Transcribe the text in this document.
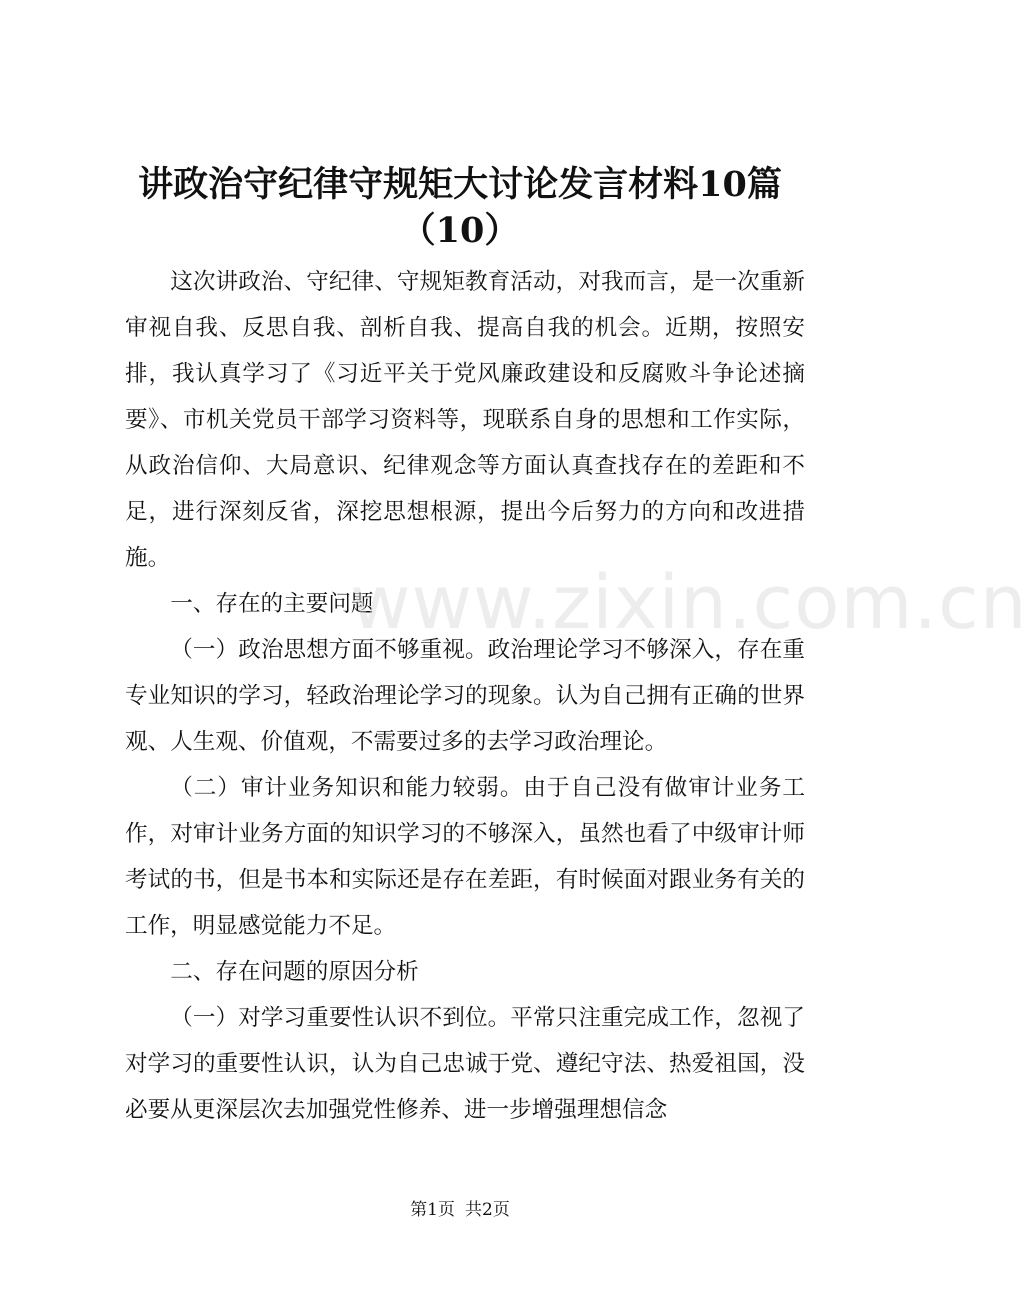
讲政治守纪律守规矩大讨论发言材料10篇
（10）

这次讲政治、守纪律、守规矩教育活动，对我而言，是一次重新审视自我、反思自我、剖析自我、提高自我的机会。近期，按照安排，我认真学习了《习近平关于党风廉政建设和反腐败斗争论述摘要》、市机关党员干部学习资料等，现联系自身的思想和工作实际，从政治信仰、大局意识、纪律观念等方面认真查找存在的差距和不足，进行深刻反省，深挖思想根源，提出今后努力的方向和改进措施。

一、存在的主要问题

（一）政治思想方面不够重视。政治理论学习不够深入，存在重专业知识的学习，轻政治理论学习的现象。认为自己拥有正确的世界观、人生观、价值观，不需要过多的去学习政治理论。

（二）审计业务知识和能力较弱。由于自己没有做审计业务工作，对审计业务方面的知识学习的不够深入，虽然也看了中级审计师考试的书，但是书本和实际还是存在差距，有时候面对跟业务有关的工作，明显感觉能力不足。

二、存在问题的原因分析

（一）对学习重要性认识不到位。平常只注重完成工作，忽视了对学习的重要性认识，认为自己忠诚于党、遵纪守法、热爱祖国，没必要从更深层次去加强党性修养、进一步增强理想信念

www.zixin.com.cn
第1页 共2页
